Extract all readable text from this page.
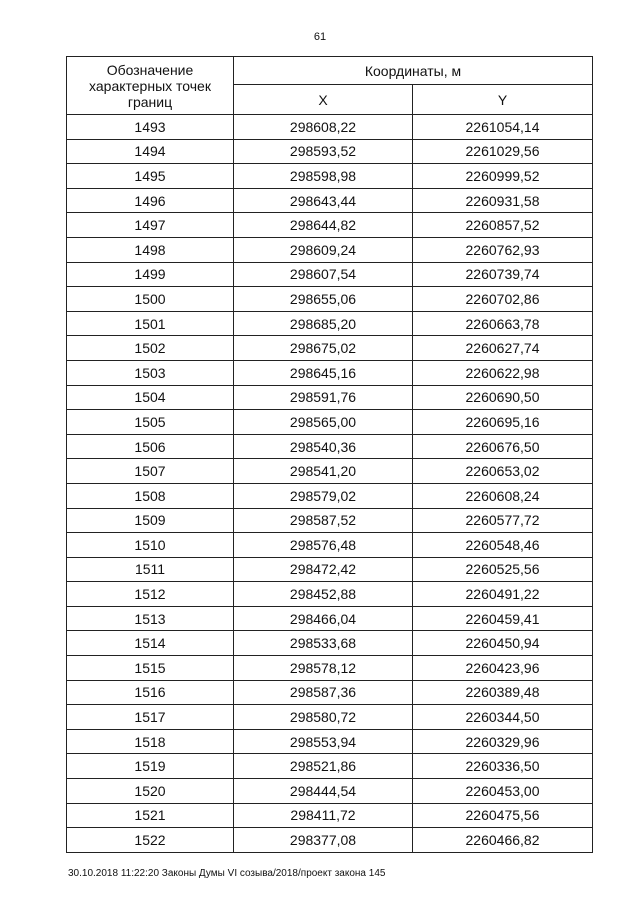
61
Обозначение характерных точек границ	Координаты, м	
	X	Y
1493	298608,22	2261054,14
1494	298593,52	2261029,56
1495	298598,98	2260999,52
1496	298643,44	2260931,58
1497	298644,82	2260857,52
1498	298609,24	2260762,93
1499	298607,54	2260739,74
1500	298655,06	2260702,86
1501	298685,20	2260663,78
1502	298675,02	2260627,74
1503	298645,16	2260622,98
1504	298591,76	2260690,50
1505	298565,00	2260695,16
1506	298540,36	2260676,50
1507	298541,20	2260653,02
1508	298579,02	2260608,24
1509	298587,52	2260577,72
1510	298576,48	2260548,46
1511	298472,42	2260525,56
1512	298452,88	2260491,22
1513	298466,04	2260459,41
1514	298533,68	2260450,94
1515	298578,12	2260423,96
1516	298587,36	2260389,48
1517	298580,72	2260344,50
1518	298553,94	2260329,96
1519	298521,86	2260336,50
1520	298444,54	2260453,00
1521	298411,72	2260475,56
1522	298377,08	2260466,82
30.10.2018 11:22:20 Законы Думы VI созыва/2018/проект закона 145
